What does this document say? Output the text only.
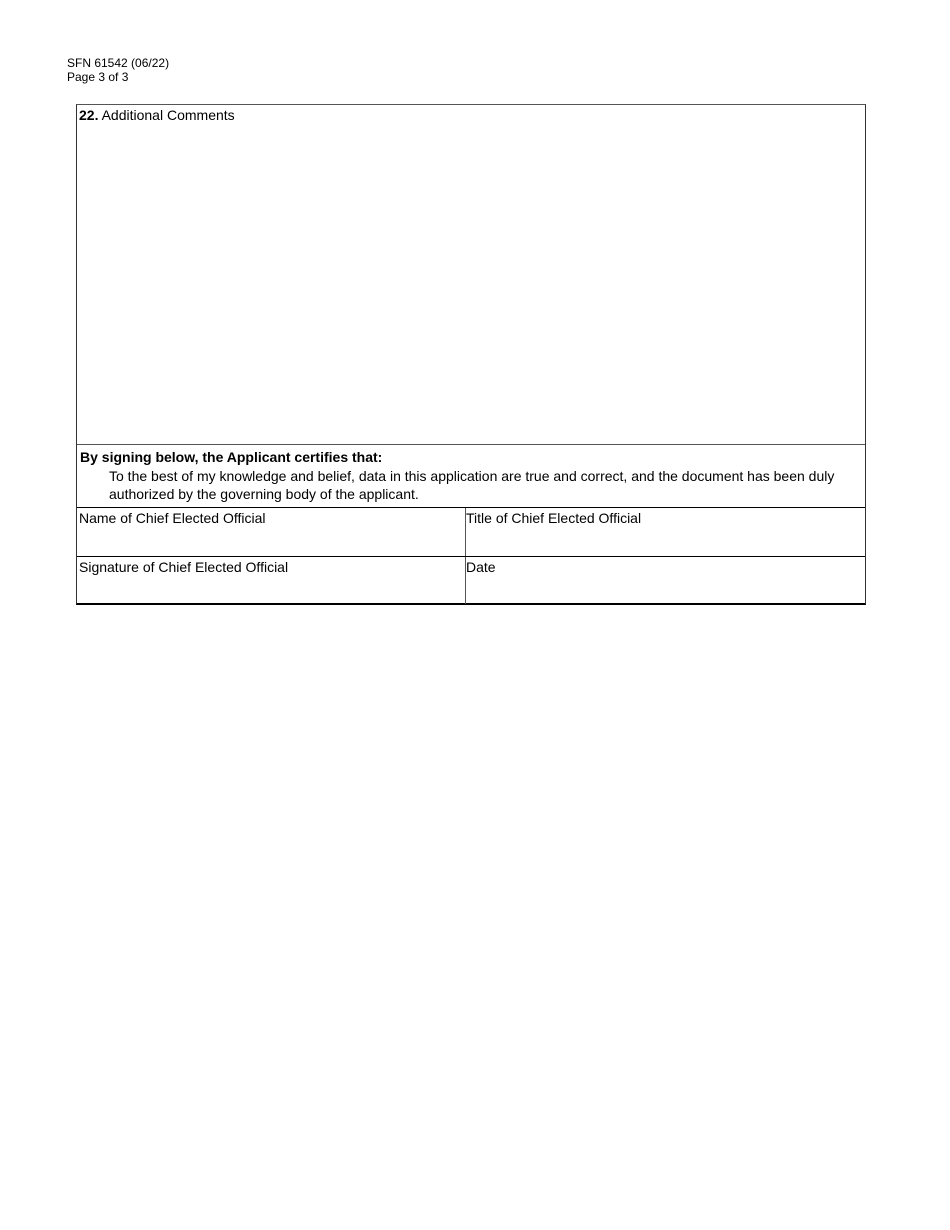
SFN 61542 (06/22)
Page 3 of 3
22. Additional Comments
By signing below, the Applicant certifies that:
To the best of my knowledge and belief, data in this application are true and correct, and the document has been duly authorized by the governing body of the applicant.
Name of Chief Elected Official	Title of Chief Elected Official
Signature of Chief Elected Official	Date
